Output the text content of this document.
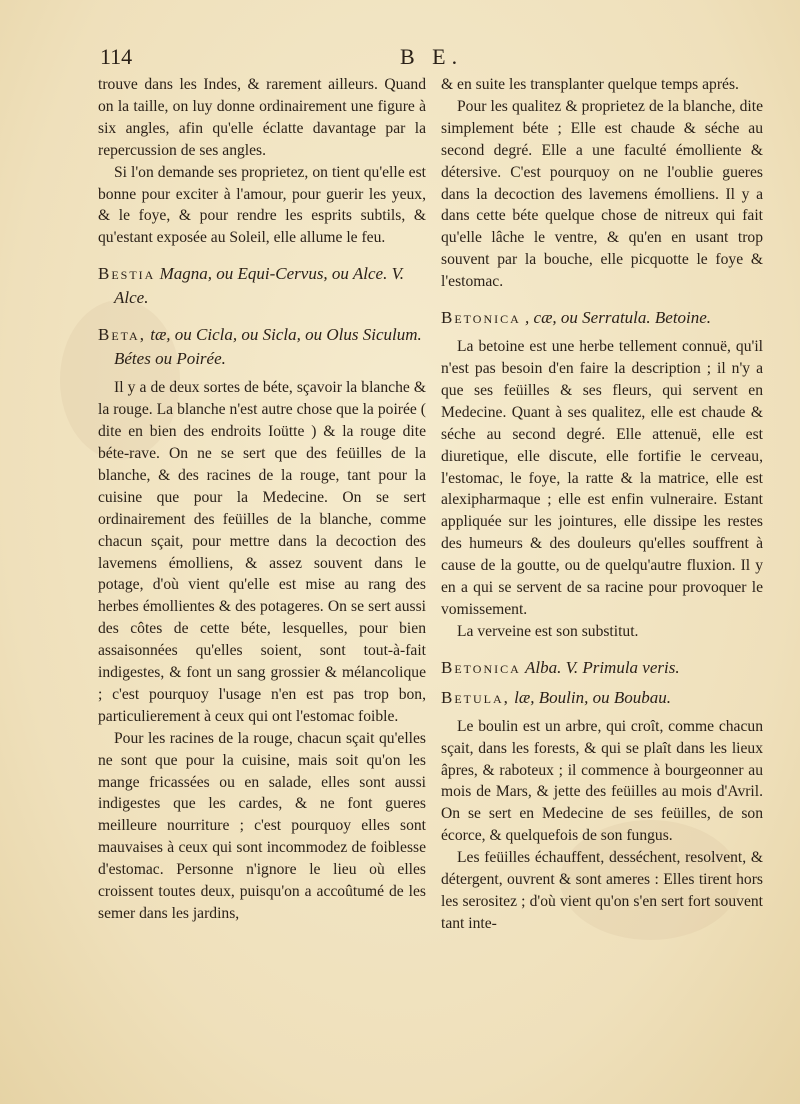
114	B E.

trouve dans les Indes, & rarement ailleurs. Quand on la taille, on luy donne ordinairement une figure à six angles, afin qu'elle éclatte davantage par la repercussion de ses angles.

Si l'on demande ses proprietez, on tient qu'elle est bonne pour exciter à l'amour, pour guerir les yeux, & le foye, & pour rendre les esprits subtils, & qu'estant exposée au Soleil, elle allume le feu.

Bestia Magna, ou Equi-Cervus, ou Alce. V. Alce.
Beta, tæ, ou Cicla, ou Sicla, ou Olus Siculum. Bétes ou Poirée.

Il y a de deux sortes de béte, sçavoir la blanche & la rouge. La blanche n'est autre chose que la poirée ( dite en bien des endroits Ioütte ) & la rouge dite béte-rave. On ne se sert que des feüilles de la blanche, & des racines de la rouge, tant pour la cuisine que pour la Medecine. On se sert ordinairement des feüilles de la blanche, comme chacun sçait, pour mettre dans la decoction des lavemens émolliens, & assez souvent dans le potage, d'où vient qu'elle est mise au rang des herbes émollientes & des potageres. On se sert aussi des côtes de cette béte, lesquelles, pour bien assaisonnées qu'elles soient, sont tout-à-fait indigestes, & font un sang grossier & mélancolique ; c'est pourquoy l'usage n'en est pas trop bon, particulierement à ceux qui ont l'estomac foible.

Pour les racines de la rouge, chacun sçait qu'elles ne sont que pour la cuisine, mais soit qu'on les mange fricassées ou en salade, elles sont aussi indigestes que les cardes, & ne font gueres meilleure nourriture ; c'est pourquoy elles sont mauvaises à ceux qui sont incommodez de foiblesse d'estomac. Personne n'ignore le lieu où elles croissent toutes deux, puisqu'on a accoûtumé de les semer dans les jardins,

& en suite les transplanter quelque temps aprés.

Pour les qualitez & proprietez de la blanche, dite simplement béte ; Elle est chaude & séche au second degré. Elle a une faculté émolliente & détersive. C'est pourquoy on ne l'oublie gueres dans la decoction des lavemens émolliens. Il y a dans cette béte quelque chose de nitreux qui fait qu'elle lâche le ventre, & qu'en en usant trop souvent par la bouche, elle picquotte le foye & l'estomac.

Betonica , cæ, ou Serratula. Betoine.

La betoine est une herbe tellement connuë, qu'il n'est pas besoin d'en faire la description ; il n'y a que ses feüilles & ses fleurs, qui servent en Medecine. Quant à ses qualitez, elle est chaude & séche au second degré. Elle attenuë, elle est diuretique, elle discute, elle fortifie le cerveau, l'estomac, le foye, la ratte & la matrice, elle est alexipharmaque ; elle est enfin vulneraire. Estant appliquée sur les jointures, elle dissipe les restes des humeurs & des douleurs qu'elles souffrent à cause de la goutte, ou de quelqu'autre fluxion. Il y en a qui se servent de sa racine pour provoquer le vomissement.

La verveine est son substitut.

Betonica Alba. V. Primula veris.
Betula, læ, Boulin, ou Boubau.

Le boulin est un arbre, qui croît, comme chacun sçait, dans les forests, & qui se plaît dans les lieux âpres, & raboteux ; il commence à bourgeonner au mois de Mars, & jette des feüilles au mois d'Avril. On se sert en Medecine de ses feüilles, de son écorce, & quelquefois de son fungus.

Les feüilles échauffent, desséchent, resolvent, & détergent, ouvrent & sont ameres : Elles tirent hors les serositez ; d'où vient qu'on s'en sert fort souvent tant inte-
